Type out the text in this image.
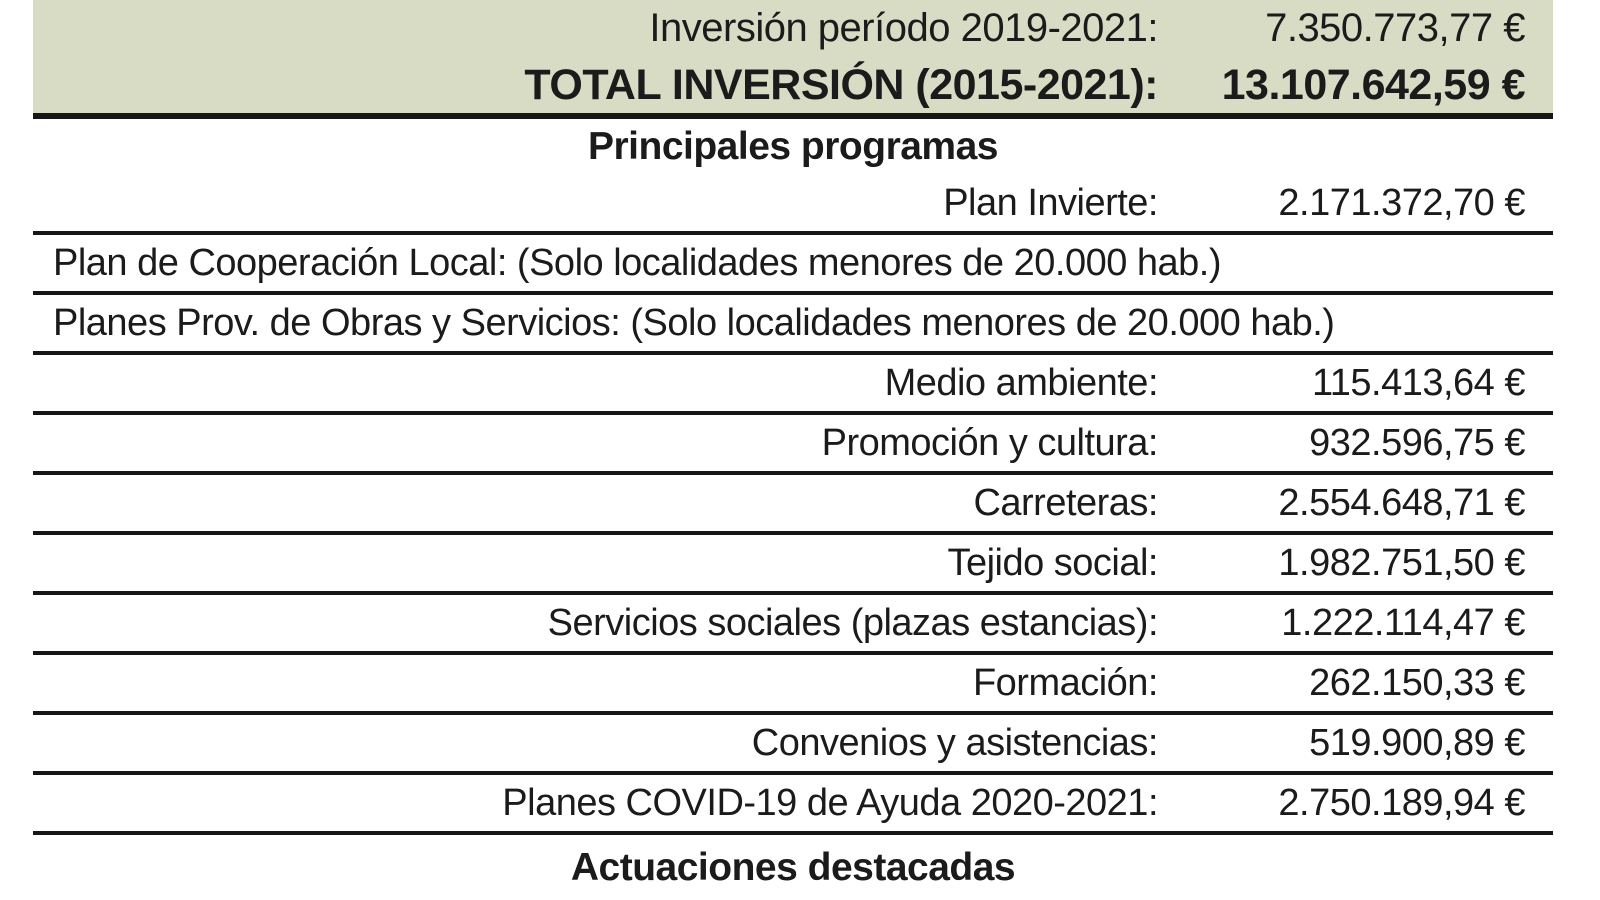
Inversión período 2019-2021:	7.350.773,77 €
TOTAL INVERSIÓN (2015-2021):	13.107.642,59 €
Principales programas
Plan Invierte:	2.171.372,70 €
Plan de Cooperación Local: (Solo localidades menores de 20.000 hab.)
Planes Prov. de Obras y Servicios: (Solo localidades menores de 20.000 hab.)
Medio ambiente:	115.413,64 €
Promoción y cultura:	932.596,75 €
Carreteras:	2.554.648,71 €
Tejido social:	1.982.751,50 €
Servicios sociales (plazas estancias):	1.222.114,47 €
Formación:	262.150,33 €
Convenios y asistencias:	519.900,89 €
Planes COVID-19 de Ayuda 2020-2021:	2.750.189,94 €
Actuaciones destacadas
